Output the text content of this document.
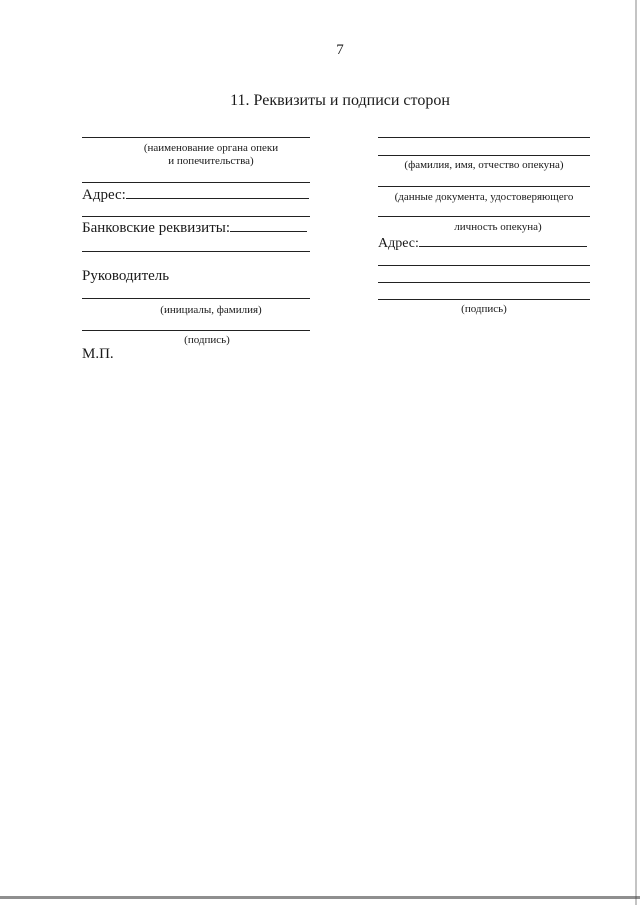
7
11. Реквизиты и подписи сторон
(наименование органа опеки
и попечительства)
Адрес:
Банковские реквизиты:
Руководитель
(инициалы, фамилия)
(подпись)
М.П.
(фамилия, имя, отчество опекуна)
(данные документа, удостоверяющего
личность опекуна)
Адрес:
(подпись)
